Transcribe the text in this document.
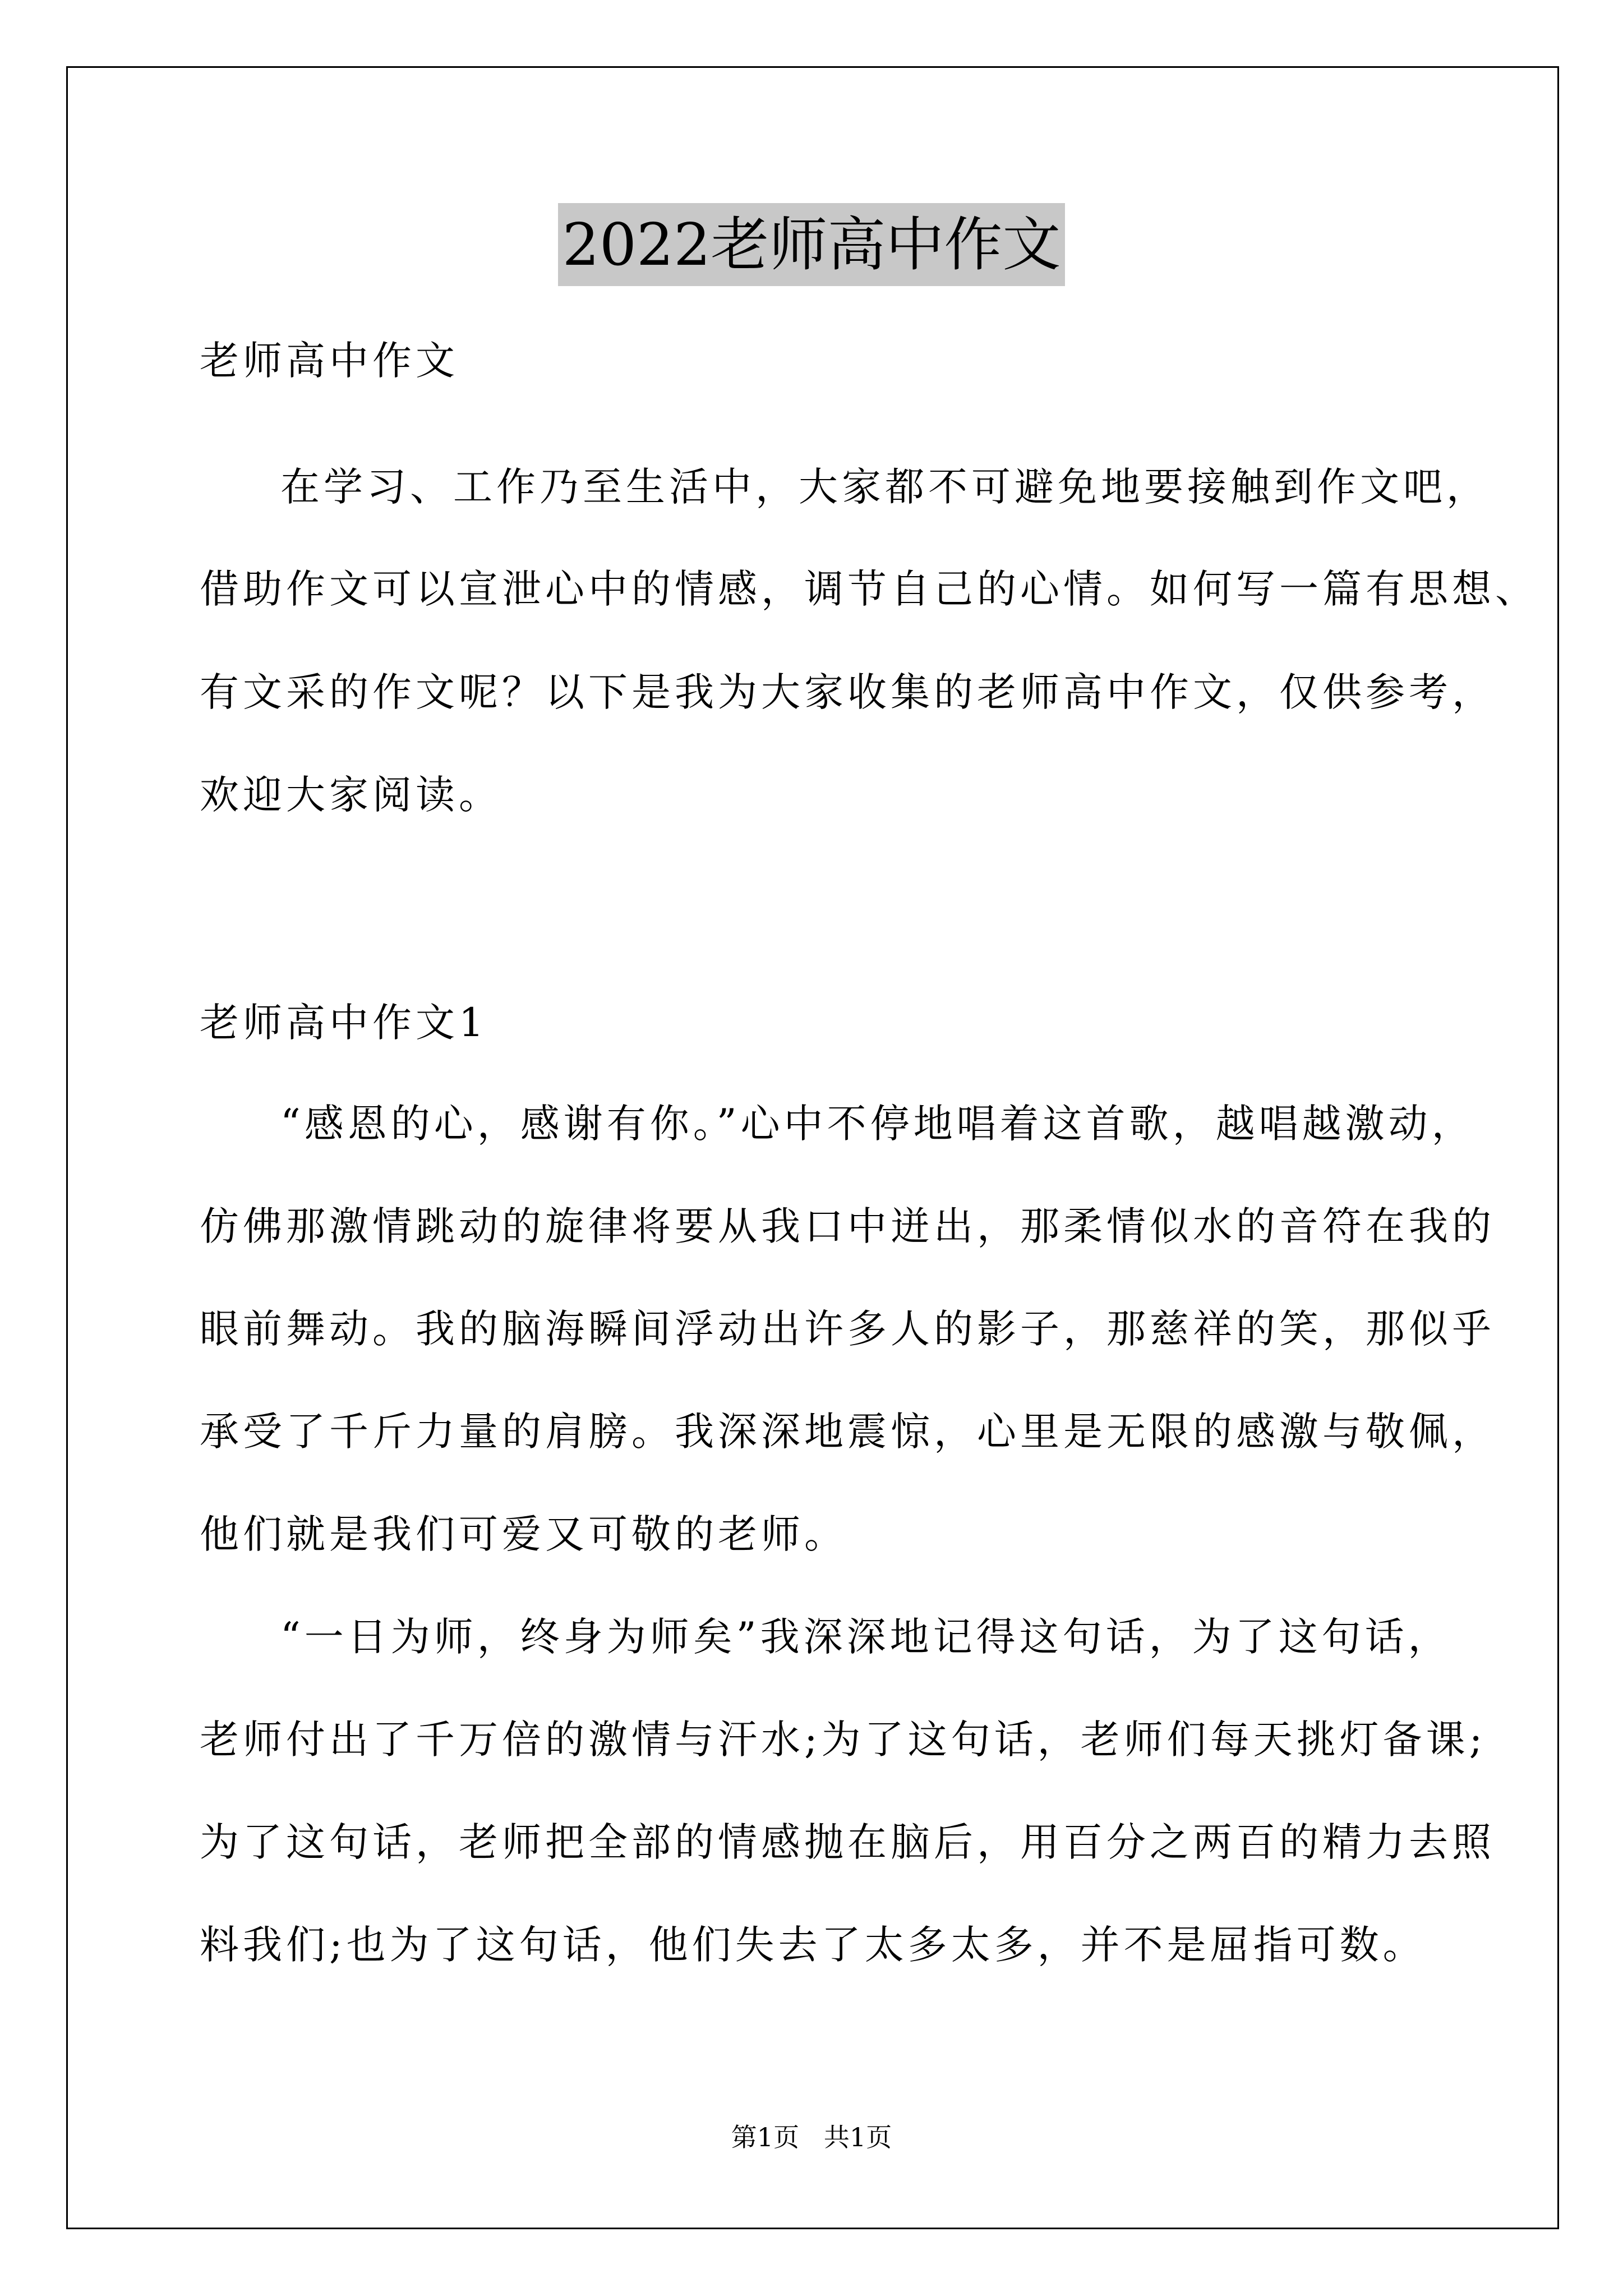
2022老师高中作文
老师高中作文
在学习、工作乃至生活中，大家都不可避免地要接触到作文吧，
借助作文可以宣泄心中的情感，调节自己的心情。如何写一篇有思想、
有文采的作文呢？以下是我为大家收集的老师高中作文，仅供参考，
欢迎大家阅读。
老师高中作文1
“感恩的心，感谢有你。”心中不停地唱着这首歌，越唱越激动，
仿佛那激情跳动的旋律将要从我口中迸出，那柔情似水的音符在我的
眼前舞动。我的脑海瞬间浮动出许多人的影子，那慈祥的笑，那似乎
承受了千斤力量的肩膀。我深深地震惊，心里是无限的感激与敬佩，
他们就是我们可爱又可敬的老师。
“一日为师，终身为师矣”我深深地记得这句话，为了这句话，
老师付出了千万倍的激情与汗水;为了这句话，老师们每天挑灯备课;
为了这句话，老师把全部的情感抛在脑后，用百分之两百的精力去照
料我们;也为了这句话，他们失去了太多太多，并不是屈指可数。
第1页   共1页
